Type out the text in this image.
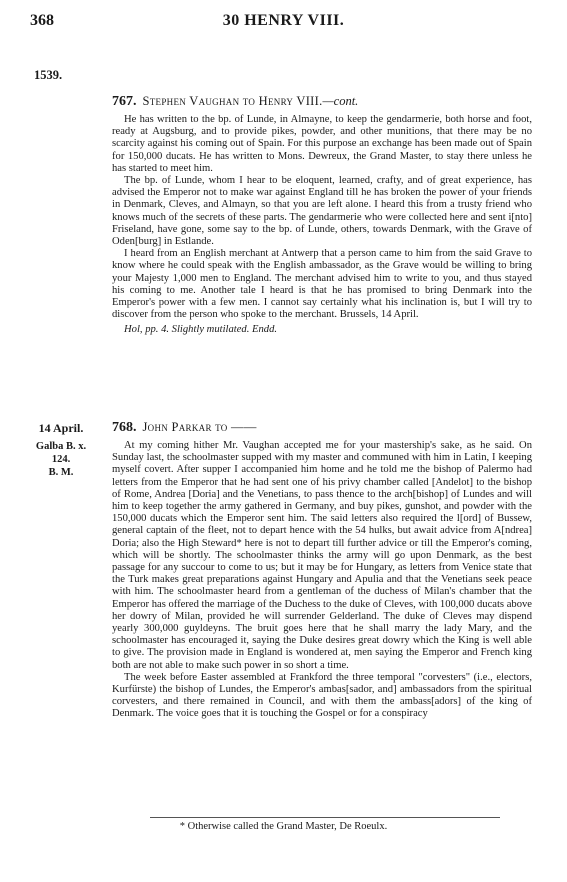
368	30 HENRY VIII.
1539.
767. Stephen Vaughan to Henry VIII.—cont.

He has written to the bp. of Lunde, in Almayne, to keep the gendarmerie, both horse and foot, ready at Augsburg, and to provide pikes, powder, and other munitions, that there may be no scarcity against his coming out of Spain. For this purpose an exchange has been made out of Spain for 150,000 ducats. He has written to Mons. Dewreux, the Grand Master, to stay there unless he has started to meet him.

The bp. of Lunde, whom I hear to be eloquent, learned, crafty, and of great experience, has advised the Emperor not to make war against England till he has broken the power of your friends in Denmark, Cleves, and Almayn, so that you are left alone. I heard this from a trusty friend who knows much of the secrets of these parts. The gendarmerie who were collected here and sent i[nto] Friseland, have gone, some say to the bp. of Lunde, others, towards Denmark, with the Grave of Oden[burg] in Estlande.

I heard from an English merchant at Antwerp that a person came to him from the said Grave to know where he could speak with the English ambassador, as the Grave would be willing to bring your Majesty 1,000 men to England. The merchant advised him to write to you, and thus stayed his coming to me. Another tale I heard is that he has promised to bring Denmark into the Emperor's power with a few men. I cannot say certainly what his inclination is, but I will try to discover from the person who spoke to the merchant. Brussels, 14 April.

Hol, pp. 4. Slightly mutilated. Endd.

14 April.
Galba B. x.
124.
B. M.
768. John Parkar to ——

At my coming hither Mr. Vaughan accepted me for your mastership's sake, as he said. On Sunday last, the schoolmaster supped with my master and communed with him in Latin, I keeping myself covert. After supper I accompanied him home and he told me the bishop of Palermo had letters from the Emperor that he had sent one of his privy chamber called [Andelot] to the bishop of Rome, Andrea [Doria] and the Venetians, to pass thence to the arch[bishop] of Lundes and will him to keep together the army gathered in Germany, and buy pikes, gunshot, and powder with the 150,000 ducats which the Emperor sent him. The said letters also required the l[ord] of Bussew, general captain of the fleet, not to depart hence with the 54 hulks, but await advice from A[ndrea] Doria; also the High Steward* here is not to depart till further advice or till the Emperor's coming, which will be shortly. The schoolmaster thinks the army will go upon Denmark, as the best passage for any succour to come to us; but it may be for Hungary, as letters from Venice state that the Turk makes great preparations against Hungary and Apulia and that the Venetians seek peace with him. The schoolmaster heard from a gentleman of the duchess of Milan's chamber that the Emperor has offered the marriage of the Duchess to the duke of Cleves, with 100,000 ducats above her dowry of Milan, provided he will surrender Gelderland. The duke of Cleves may dispend yearly 300,000 guyldeyns. The bruit goes here that he shall marry the lady Mary, and the schoolmaster has encouraged it, saying the Duke desires great dowry which the King is well able to give. The provision made in England is wondered at, men saying the Emperor and French king both are not able to make such power in so short a time.

The week before Easter assembled at Frankford the three temporal "corvesters" (i.e., electors, Kurfürste) the bishop of Lundes, the Emperor's ambas[sador, and] ambassadors from the spiritual corvesters, and there remained in Council, and with them the ambass[adors] of the king of Denmark. The voice goes that it is touching the Gospel or for a conspiracy

* Otherwise called the Grand Master, De Roeulx.
